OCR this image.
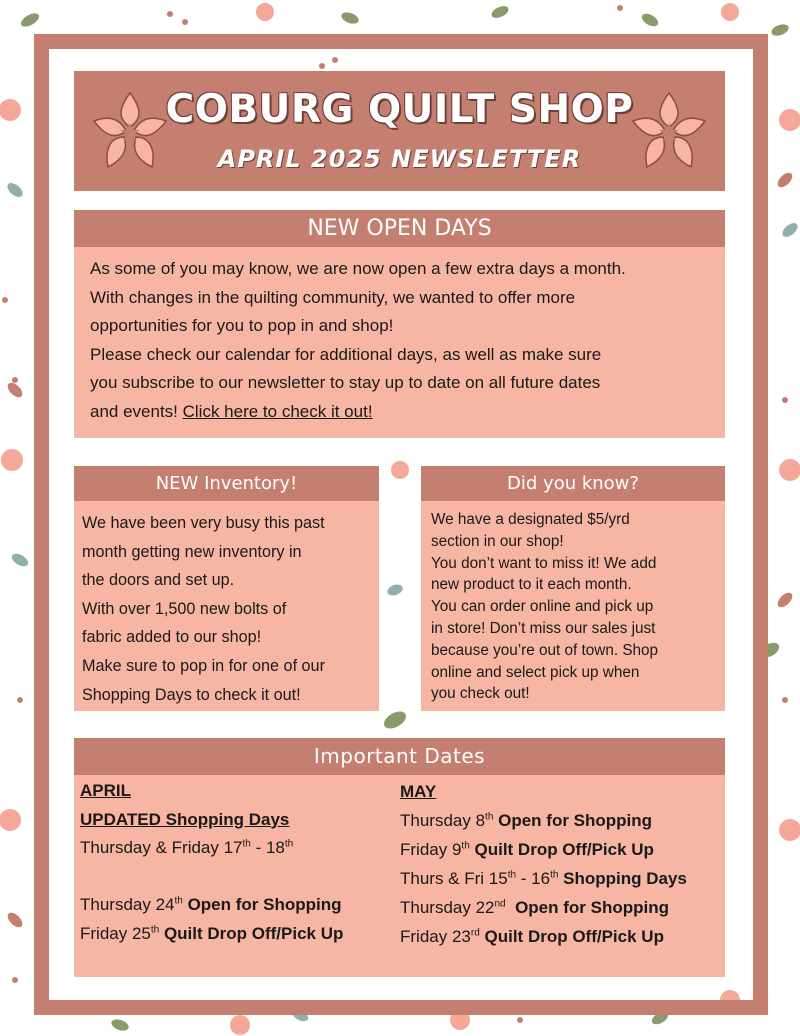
COBURG QUILT SHOP
APRIL 2025 NEWSLETTER
NEW OPEN DAYS

As some of you may know, we are now open a few extra days a month.

With changes in the quilting community, we wanted to offer more

opportunities for you to pop in and shop!

Please check our calendar for additional days, as well as make sure

you subscribe to our newsletter to stay up to date on all future dates

and events! Click here to check it out!

NEW Inventory!

We have been very busy this past

month getting new inventory in

the doors and set up.

With over 1,500 new bolts of

fabric added to our shop!

Make sure to pop in for one of our

Shopping Days to check it out!

Did you know?

We have a designated $5/yrd

section in our shop!

You don’t want to miss it! We add

new product to it each month.

You can order online and pick up

in store! Don’t miss our sales just

because you’re out of town. Shop

online and select pick up when

you check out!

Important Dates
APRIL
UPDATED Shopping Days
Thursday & Friday 17th - 18th
Thursday 24th Open for Shopping
Friday 25th Quilt Drop Off/Pick Up
MAY
Thursday 8th Open for Shopping
Friday 9th Quilt Drop Off/Pick Up
Thurs & Fri 15th - 16th Shopping Days
Thursday 22nd  Open for Shopping
Friday 23rd Quilt Drop Off/Pick Up
